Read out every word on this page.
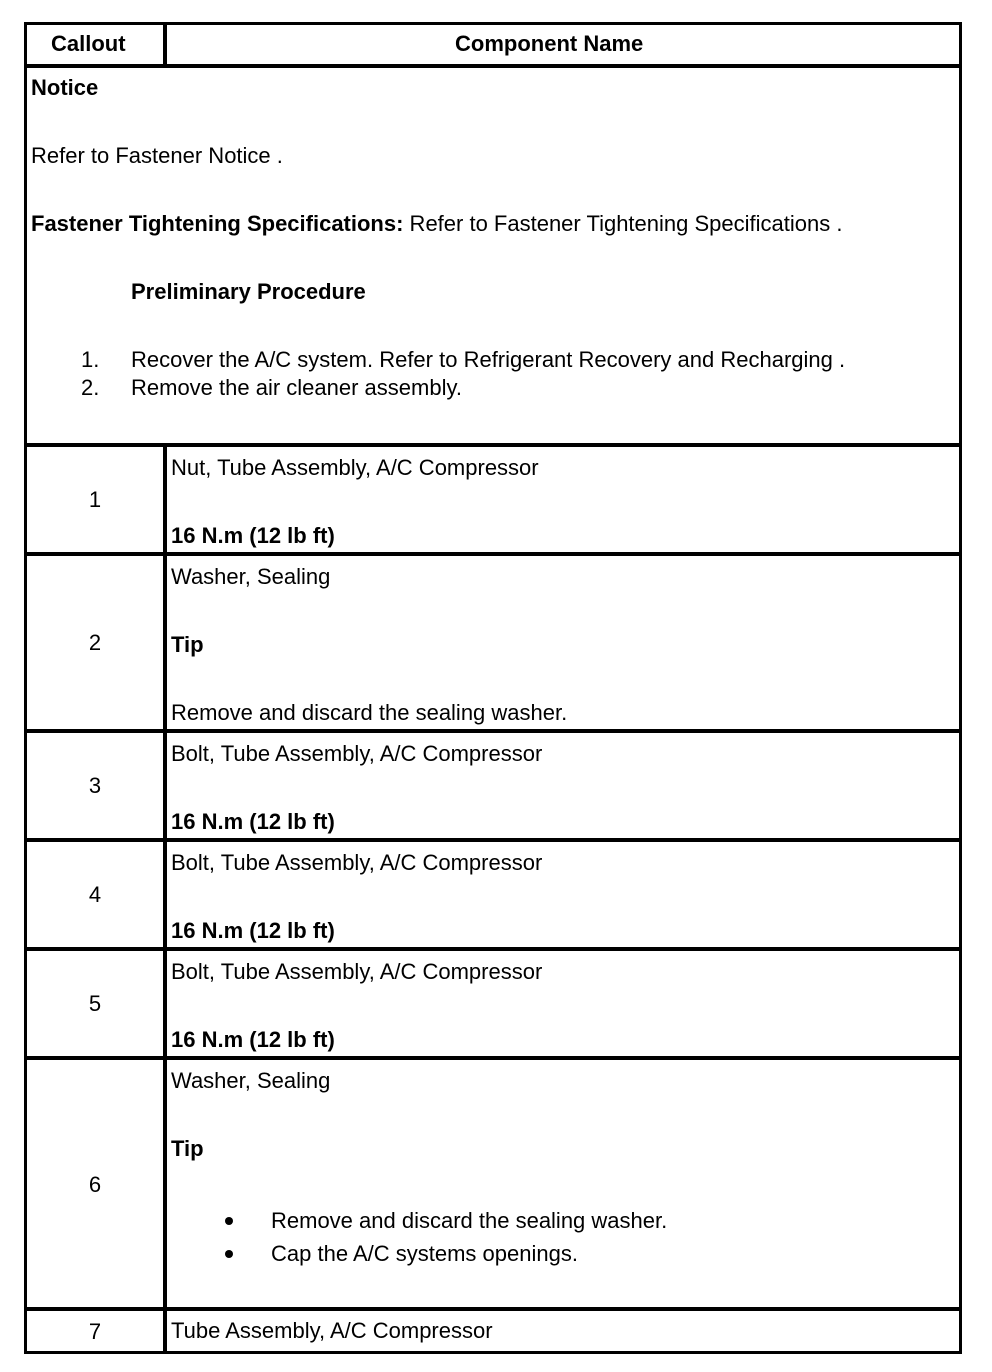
Callout	Component Name
Notice
Refer to Fastener Notice .
Fastener Tightening Specifications: Refer to Fastener Tightening Specifications .
Preliminary Procedure
1. Recover the A/C system. Refer to Refrigerant Recovery and Recharging .
2. Remove the air cleaner assembly.
1
Nut, Tube Assembly, A/C Compressor
16 N.m (12 lb ft)
2
Washer, Sealing
Tip
Remove and discard the sealing washer.
3
Bolt, Tube Assembly, A/C Compressor
16 N.m (12 lb ft)
4
Bolt, Tube Assembly, A/C Compressor
16 N.m (12 lb ft)
5
Bolt, Tube Assembly, A/C Compressor
16 N.m (12 lb ft)
6
Washer, Sealing
Tip
Remove and discard the sealing washer.
Cap the A/C systems openings.
7	Tube Assembly, A/C Compressor
